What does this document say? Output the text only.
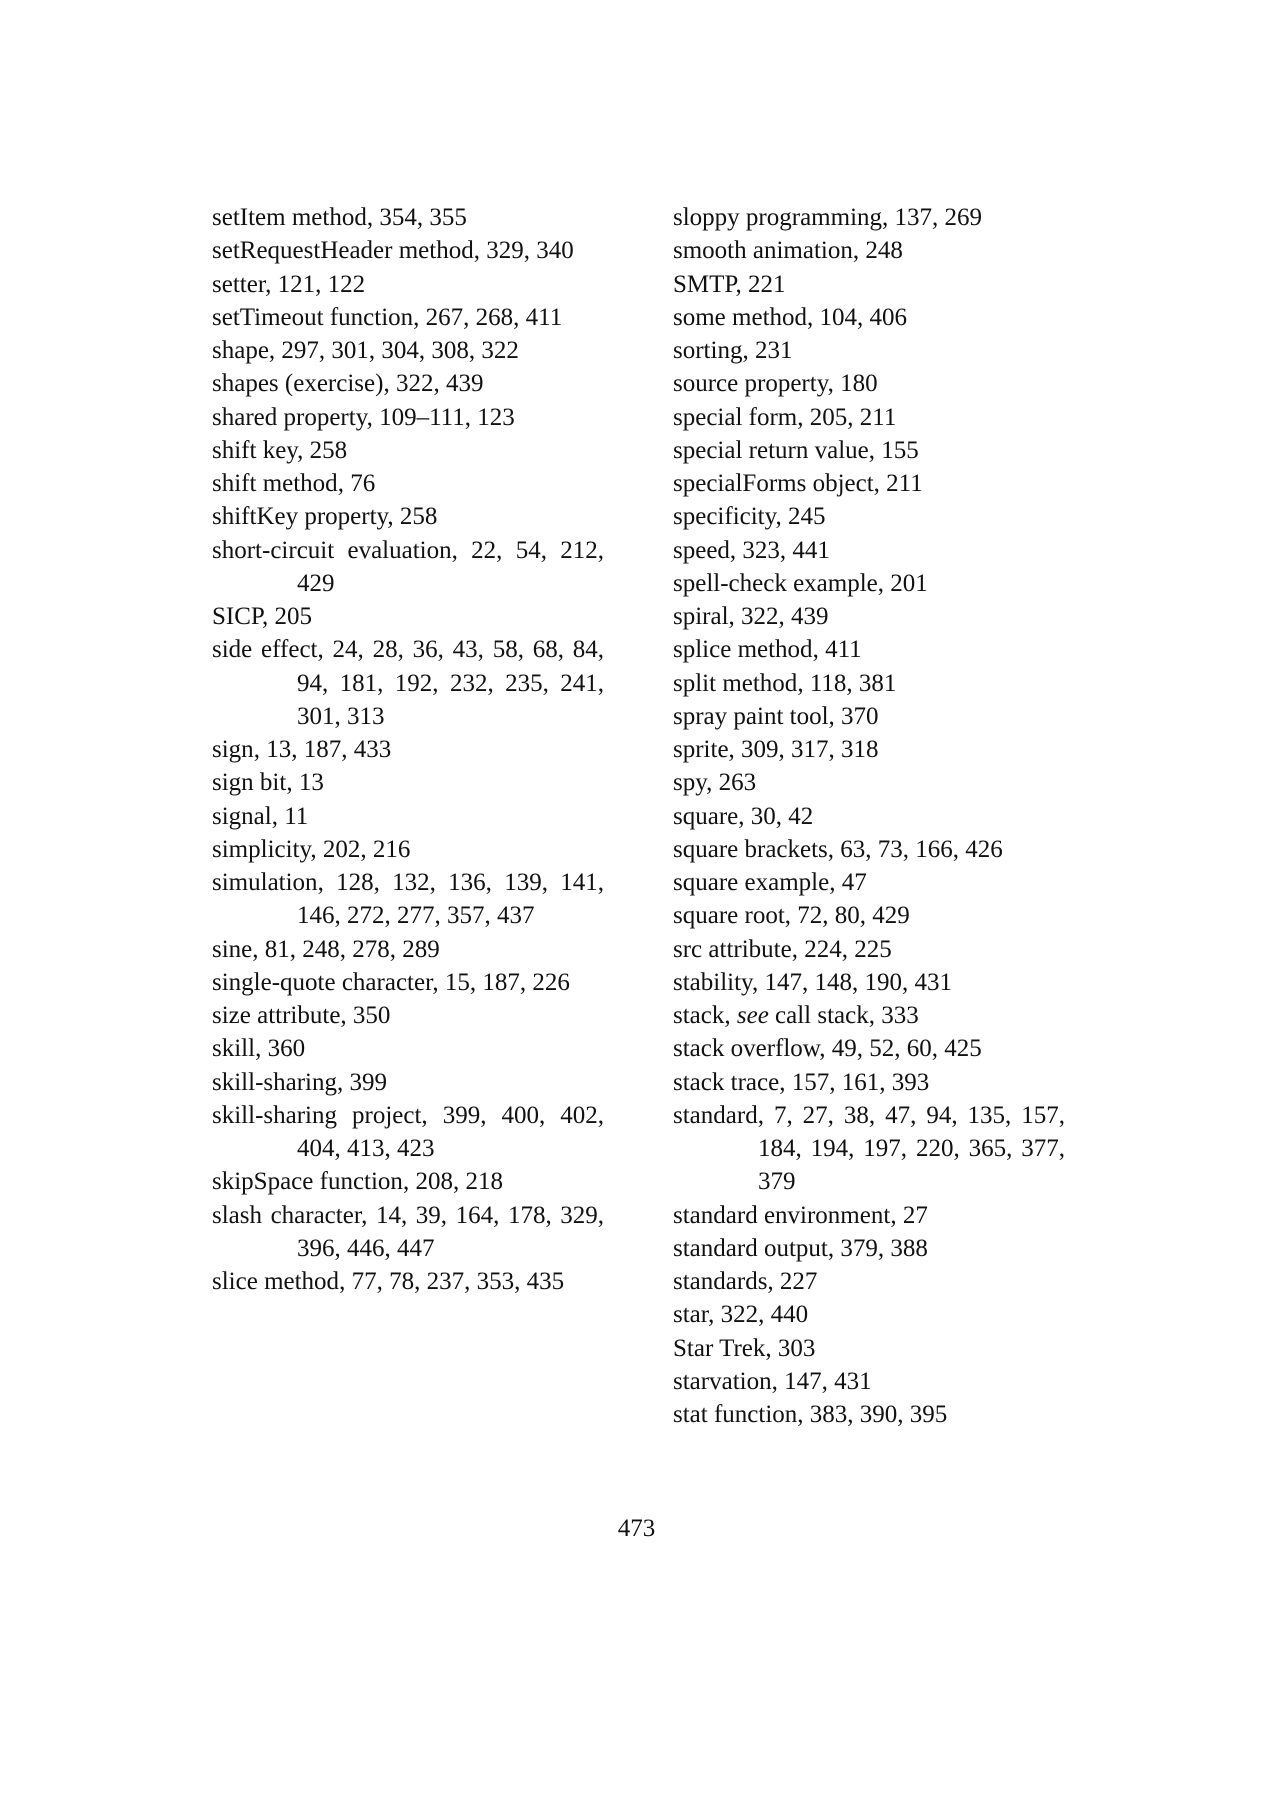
setItem method, 354, 355
setRequestHeader method, 329, 340
setter, 121, 122
setTimeout function, 267, 268, 411
shape, 297, 301, 304, 308, 322
shapes (exercise), 322, 439
shared property, 109–111, 123
shift key, 258
shift method, 76
shiftKey property, 258
short-circuit evaluation, 22, 54, 212, 429
SICP, 205
side effect, 24, 28, 36, 43, 58, 68, 84, 94, 181, 192, 232, 235, 241, 301, 313
sign, 13, 187, 433
sign bit, 13
signal, 11
simplicity, 202, 216
simulation, 128, 132, 136, 139, 141, 146, 272, 277, 357, 437
sine, 81, 248, 278, 289
single-quote character, 15, 187, 226
size attribute, 350
skill, 360
skill-sharing, 399
skill-sharing project, 399, 400, 402, 404, 413, 423
skipSpace function, 208, 218
slash character, 14, 39, 164, 178, 329, 396, 446, 447
slice method, 77, 78, 237, 353, 435
sloppy programming, 137, 269
smooth animation, 248
SMTP, 221
some method, 104, 406
sorting, 231
source property, 180
special form, 205, 211
special return value, 155
specialForms object, 211
specificity, 245
speed, 323, 441
spell-check example, 201
spiral, 322, 439
splice method, 411
split method, 118, 381
spray paint tool, 370
sprite, 309, 317, 318
spy, 263
square, 30, 42
square brackets, 63, 73, 166, 426
square example, 47
square root, 72, 80, 429
src attribute, 224, 225
stability, 147, 148, 190, 431
stack, see call stack, 333
stack overflow, 49, 52, 60, 425
stack trace, 157, 161, 393
standard, 7, 27, 38, 47, 94, 135, 157, 184, 194, 197, 220, 365, 377, 379
standard environment, 27
standard output, 379, 388
standards, 227
star, 322, 440
Star Trek, 303
starvation, 147, 431
stat function, 383, 390, 395
473
